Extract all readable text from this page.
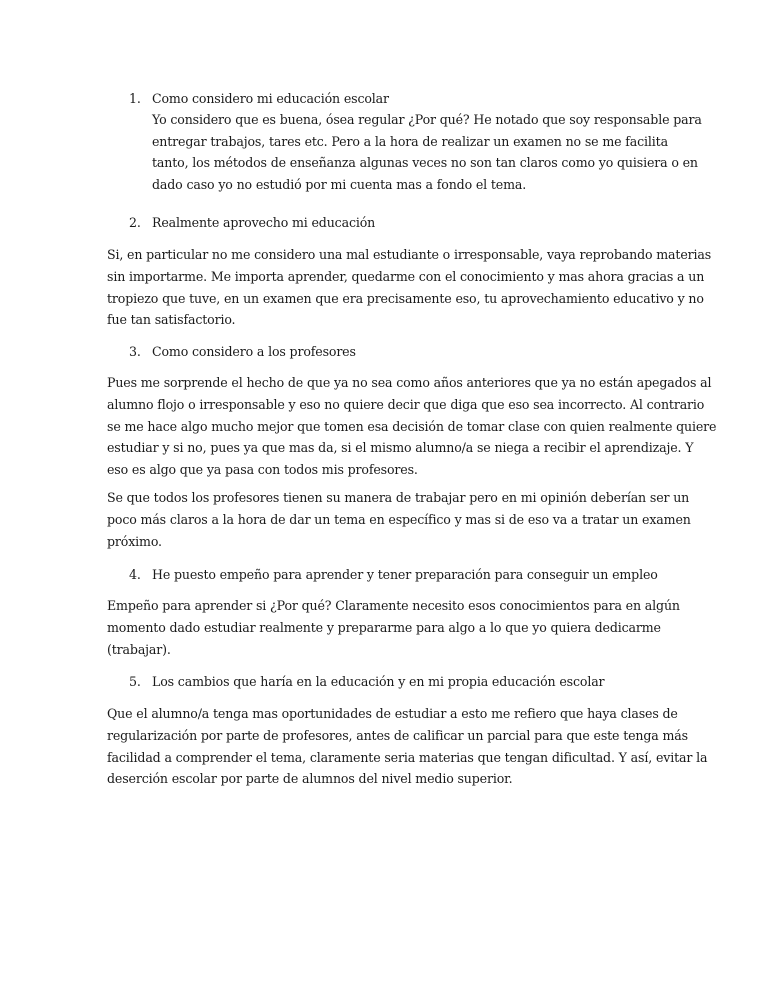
1. Como considero mi educación escolar
Yo considero que es buena, ósea regular ¿Por qué? He notado que soy responsable para
entregar trabajos, tares etc. Pero a la hora de realizar un examen no se me facilita
tanto, los métodos de enseñanza algunas veces no son tan claros como yo quisiera o en
dado caso yo no estudió por mi cuenta mas a fondo el tema.
2. Realmente aprovecho mi educación
Si, en particular no me considero una mal estudiante o irresponsable, vaya reprobando materias
sin importarme. Me importa aprender, quedarme con el conocimiento y mas ahora gracias a un
tropiezo que tuve, en un examen que era precisamente eso, tu aprovechamiento educativo y no
fue tan satisfactorio.
3. Como considero a los profesores
Pues me sorprende el hecho de que ya no sea como años anteriores que ya no están apegados al
alumno flojo o irresponsable y eso no quiere decir que diga que eso sea incorrecto. Al contrario
se me hace algo mucho mejor que tomen esa decisión de tomar clase con quien realmente quiere
estudiar y si no, pues ya que mas da, si el mismo alumno/a se niega a recibir el aprendizaje. Y
eso es algo que ya pasa con todos mis profesores.
Se que todos los profesores tienen su manera de trabajar pero en mi opinión deberían ser un
poco más claros a la hora de dar un tema en específico y mas si de eso va a tratar un examen
próximo.
4. He puesto empeño para aprender y tener preparación para conseguir un empleo
Empeño para aprender si ¿Por qué? Claramente necesito esos conocimientos para en algún
momento dado estudiar realmente y prepararme para algo a lo que yo quiera dedicarme
(trabajar).
5. Los cambios que haría en la educación y en mi propia educación escolar
Que el alumno/a tenga mas oportunidades de estudiar a esto me refiero que haya clases de
regularización por parte de profesores, antes de calificar un parcial para que este tenga más
facilidad a comprender el tema, claramente seria materias que tengan dificultad. Y así, evitar la
deserción escolar por parte de alumnos del nivel medio superior.
